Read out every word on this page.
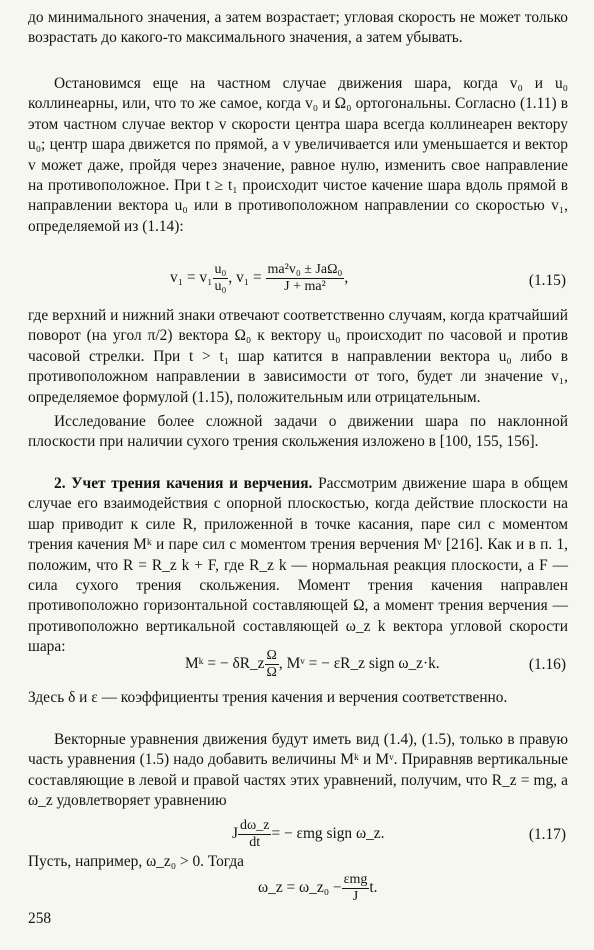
до минимального значения, а затем возрастает; угловая скорость не может только возрастать до какого-то максимального значения, а затем убывать.

Остановимся еще на частном случае движения шара, когда v₀ и u₀ коллинеарны, или, что то же самое, когда v₀ и Ω₀ ортогональны. Согласно (1.11) в этом частном случае вектор v скорости центра шара всегда коллинеарен вектору u₀; центр шара движется по прямой, а v увеличивается или уменьшается и вектор v может даже, пройдя через значение, равное нулю, изменить свое направление на противоположное. При t ≥ t₁ происходит чистое качение шара вдоль прямой в направлении вектора u₀ или в противоположном направлении со скоростью v₁, определяемой из (1.14):

$v_1 = v_1 \frac{\text{u₀}}{\text{u₀}}$ , $v_1 = \frac{\text{ma²v₀ ± JaΩ₀}}{\text{J + ma²}}$ ,	(1.15)

где верхний и нижний знаки отвечают соответственно случаям, когда кратчайший поворот (на угол π/2) вектора Ω₀ к вектору u₀ происходит по часовой и против часовой стрелки. При t > t₁ шар катится в направлении вектора u₀ либо в противоположном направлении в зависимости от того, будет ли значение v₁, определяемое формулой (1.15), положительным или отрицательным.

Исследование более сложной задачи о движении шара по наклонной плоскости при наличии сухого трения скольжения изложено в [100, 155, 156].

2. Учет трения качения и верчения. Рассмотрим движение шара в общем случае его взаимодействия с опорной плоскостью, когда действие плоскости на шар приводит к силе R, приложенной в точке касания, паре сил с моментом трения качения Mᵏ и паре сил с моментом трения верчения Mᵛ [216]. Как и в п. 1, положим, что R = R_z k + F, где R_z k — нормальная реакция плоскости, а F — сила сухого трения скольжения. Момент трения качения направлен противоположно горизонтальной составляющей Ω, а момент трения верчения — противоположно вертикальной составляющей ω_z k вектора угловой скорости шара:

Mᵏ = − δR_z $\frac{\Omega}{\Omega}$ , Mᵛ = − εR_z sign ω_z·k.	(1.16)

Здесь δ и ε — коэффициенты трения качения и верчения соответственно.

Векторные уравнения движения будут иметь вид (1.4), (1.5), только в правую часть уравнения (1.5) надо добавить величины Mᵏ и Mᵛ. Приравняв вертикальные составляющие в левой и правой частях этих уравнений, получим, что R_z = mg, а ω_z удовлетворяет уравнению

J $\frac{d\omega\_z}{dt}$ = − εmg sign ω_z.	(1.17)

Пусть, например, ω_z₀ > 0. Тогда

ω_z = ω_z₀ − $\frac{\text{εmg}}{J} t$.
258
